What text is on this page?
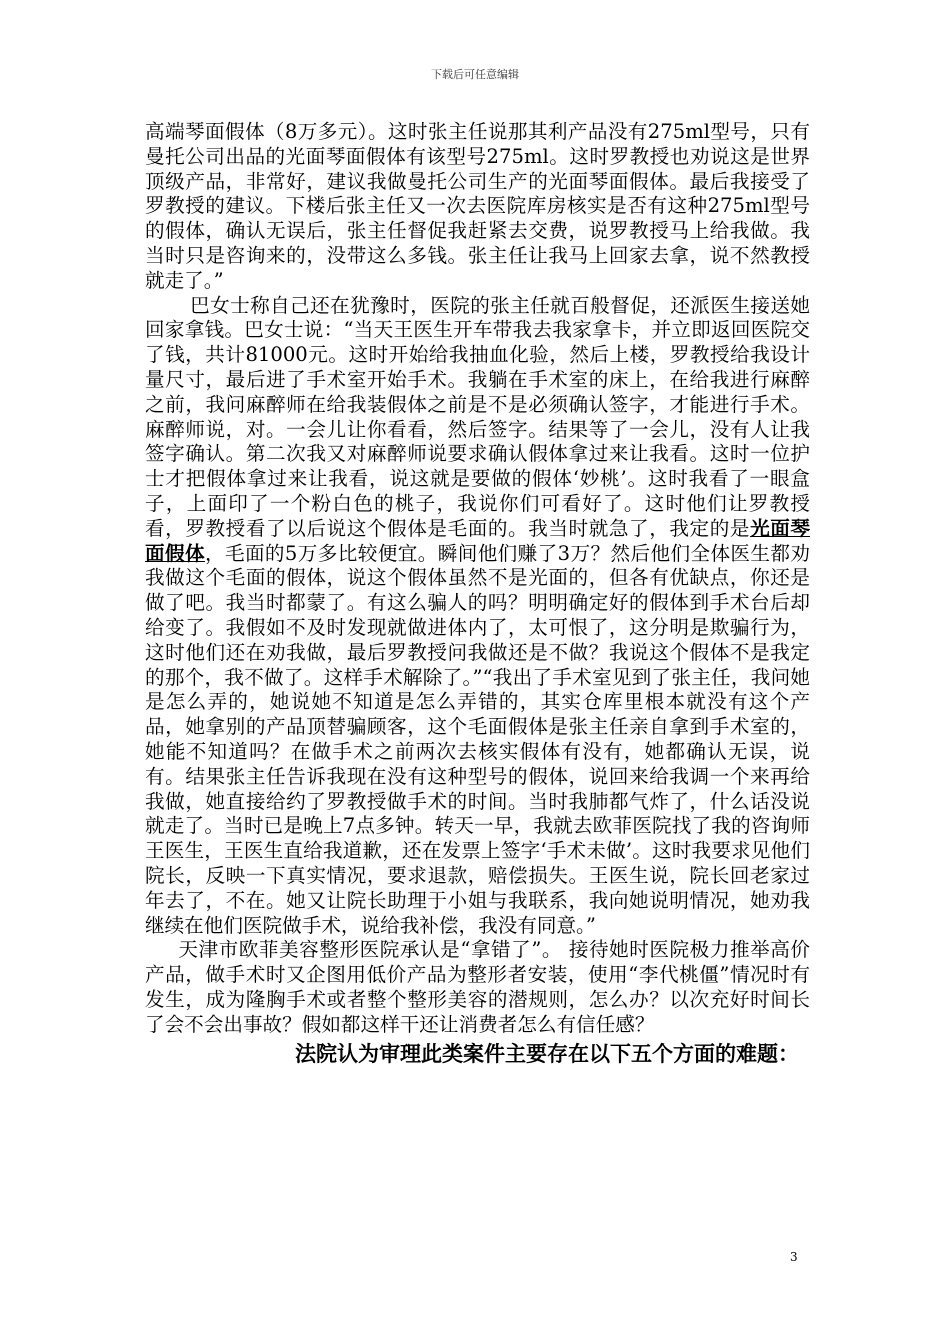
下载后可任意编辑

高端琴面假体（8万多元）。这时张主任说那其利产品没有275ml型号，只有曼托公司出品的光面琴面假体有该型号275ml。这时罗教授也劝说这是世界顶级产品，非常好，建议我做曼托公司生产的光面琴面假体。最后我接受了罗教授的建议。下楼后张主任又一次去医院库房核实是否有这种275ml型号的假体，确认无误后，张主任督促我赶紧去交费，说罗教授马上给我做。我当时只是咨询来的，没带这么多钱。张主任让我马上回家去拿，说不然教授就走了。”

巴女士称自己还在犹豫时，医院的张主任就百般督促，还派医生接送她回家拿钱。巴女士说：“当天王医生开车带我去我家拿卡，并立即返回医院交了钱，共计81000元。这时开始给我抽血化验，然后上楼，罗教授给我设计量尺寸，最后进了手术室开始手术。我躺在手术室的床上，在给我进行麻醉之前，我问麻醉师在给我装假体之前是不是必须确认签字，才能进行手术。麻醉师说，对。一会儿让你看看，然后签字。结果等了一会儿，没有人让我签字确认。第二次我又对麻醉师说要求确认假体拿过来让我看。这时一位护士才把假体拿过来让我看，说这就是要做的假体‘妙桃’。这时我看了一眼盒子，上面印了一个粉白色的桃子，我说你们可看好了。这时他们让罗教授看，罗教授看了以后说这个假体是毛面的。我当时就急了，我定的是光面琴面假体，毛面的5万多比较便宜。瞬间他们赚了3万？然后他们全体医生都劝我做这个毛面的假体，说这个假体虽然不是光面的，但各有优缺点，你还是做了吧。我当时都蒙了。有这么骗人的吗？明明确定好的假体到手术台后却给变了。我假如不及时发现就做进体内了，太可恨了，这分明是欺骗行为，这时他们还在劝我做，最后罗教授问我做还是不做？我说这个假体不是我定的那个，我不做了。这样手术解除了。”“我出了手术室见到了张主任，我问她是怎么弄的，她说她不知道是怎么弄错的，其实仓库里根本就没有这个产品，她拿别的产品顶替骗顾客，这个毛面假体是张主任亲自拿到手术室的，她能不知道吗？在做手术之前两次去核实假体有没有，她都确认无误，说有。结果张主任告诉我现在没有这种型号的假体，说回来给我调一个来再给我做，她直接给约了罗教授做手术的时间。当时我肺都气炸了，什么话没说就走了。当时已是晚上7点多钟。转天一早，我就去欧菲医院找了我的咨询师王医生，王医生直给我道歉，还在发票上签字‘手术未做’。这时我要求见他们院长，反映一下真实情况，要求退款，赔偿损失。王医生说，院长回老家过年去了，不在。她又让院长助理于小姐与我联系，我向她说明情况，她劝我继续在他们医院做手术，说给我补偿，我没有同意。”

天津市欧菲美容整形医院承认是“拿错了”。 接待她时医院极力推举高价产品，做手术时又企图用低价产品为整形者安装，使用“李代桃僵”情况时有发生，成为隆胸手术或者整个整形美容的潜规则，怎么办？以次充好时间长了会不会出事故？假如都这样干还让消费者怎么有信任感？

法院认为审理此类案件主要存在以下五个方面的难题：

3
